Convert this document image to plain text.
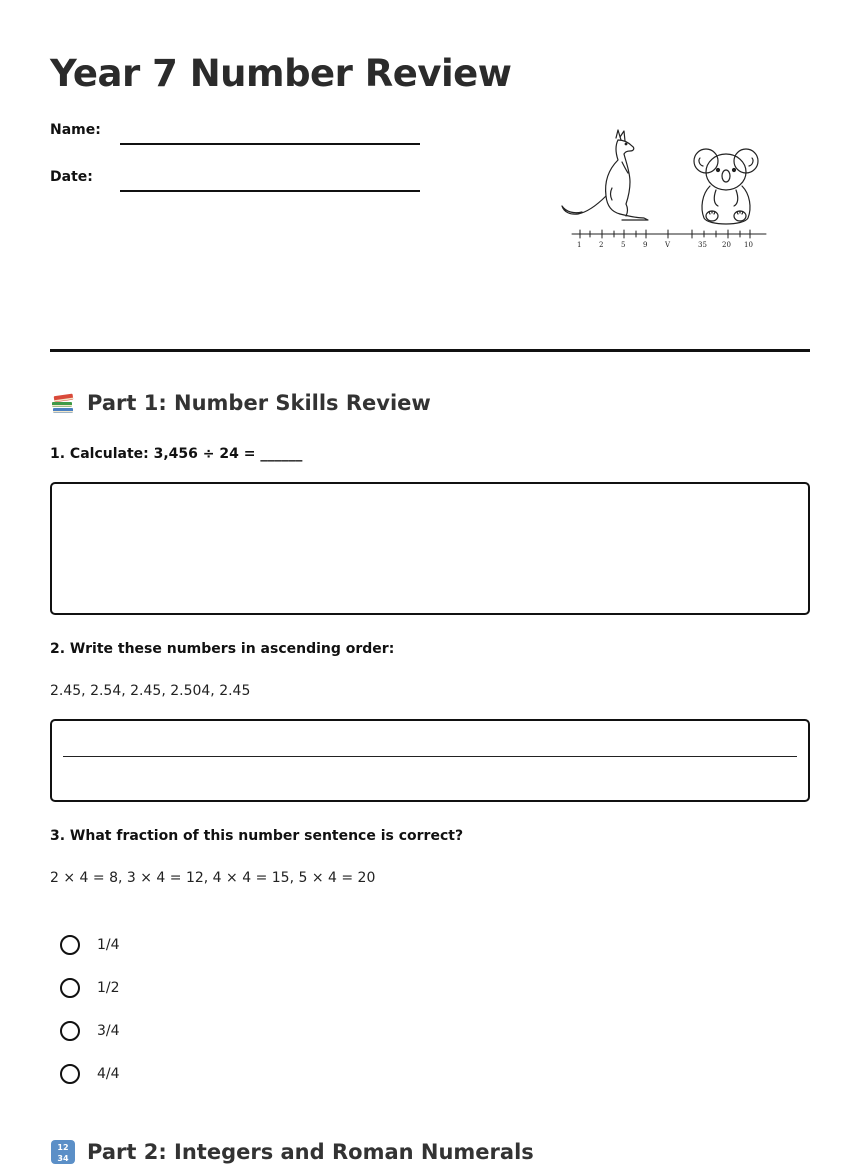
Year 7 Number Review
Name:
Date:
1	2	5	9	V	35 20 10
Part 1: Number Skills Review
1. Calculate: 3,456 ÷ 24 = ______
2. Write these numbers in ascending order:
2.45, 2.54, 2.45, 2.504, 2.45
3. What fraction of this number sentence is correct?
2 × 4 = 8, 3 × 4 = 12, 4 × 4 = 15, 5 × 4 = 20
1/4
1/2
3/4
4/4
12
34 Part 2: Integers and Roman Numerals
